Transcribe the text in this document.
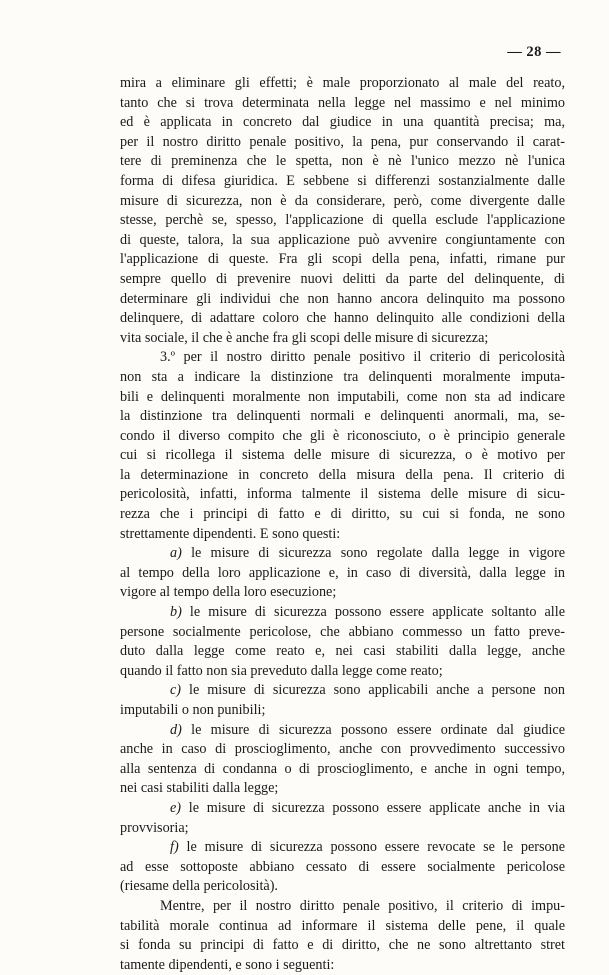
— 28 —
mira a eliminare gli effetti; è male proporzionato al male del reato,
tanto che si trova determinata nella legge nel massimo e nel minimo
ed è applicata in concreto dal giudice in una quantità precisa; ma,
per il nostro diritto penale positivo, la pena, pur conservando il carat-
tere di preminenza che le spetta, non è nè l'unico mezzo nè l'unica
forma di difesa giuridica. E sebbene si differenzi sostanzialmente dalle
misure di sicurezza, non è da considerare, però, come divergente dalle
stesse, perchè se, spesso, l'applicazione di quella esclude l'applicazione
di queste, talora, la sua applicazione può avvenire congiuntamente con
l'applicazione di queste. Fra gli scopi della pena, infatti, rimane pur
sempre quello di prevenire nuovi delitti da parte del delinquente, di
determinare gli individui che non hanno ancora delinquito ma possono
delinquere, di adattare coloro che hanno delinquito alle condizioni della
vita sociale, il che è anche fra gli scopi delle misure di sicurezza;
3.º per il nostro diritto penale positivo il criterio di pericolosità
non sta a indicare la distinzione tra delinquenti moralmente imputa-
bili e delinquenti moralmente non imputabili, come non sta ad indicare
la distinzione tra delinquenti normali e delinquenti anormali, ma, se-
condo il diverso compito che gli è riconosciuto, o è principio generale
cui si ricollega il sistema delle misure di sicurezza, o è motivo per
la determinazione in concreto della misura della pena. Il criterio di
pericolosità, infatti, informa talmente il sistema delle misure di sicu-
rezza che i principi di fatto e di diritto, su cui si fonda, ne sono
strettamente dipendenti. E sono questi:
a) le misure di sicurezza sono regolate dalla legge in vigore
al tempo della loro applicazione e, in caso di diversità, dalla legge in
vigore al tempo della loro esecuzione;
b) le misure di sicurezza possono essere applicate soltanto alle
persone socialmente pericolose, che abbiano commesso un fatto preve-
duto dalla legge come reato e, nei casi stabiliti dalla legge, anche
quando il fatto non sia preveduto dalla legge come reato;
c) le misure di sicurezza sono applicabili anche a persone non
imputabili o non punibili;
d) le misure di sicurezza possono essere ordinate dal giudice
anche in caso di proscioglimento, anche con provvedimento successivo
alla sentenza di condanna o di proscioglimento, e anche in ogni tempo,
nei casi stabiliti dalla legge;
e) le misure di sicurezza possono essere applicate anche in via
provvisoria;
f) le misure di sicurezza possono essere revocate se le persone
ad esse sottoposte abbiano cessato di essere socialmente pericolose
(riesame della pericolosità).
Mentre, per il nostro diritto penale positivo, il criterio di impu-
tabilità morale continua ad informare il sistema delle pene, il quale
si fonda su principi di fatto e di diritto, che ne sono altrettanto stret
tamente dipendenti, e sono i seguenti:
